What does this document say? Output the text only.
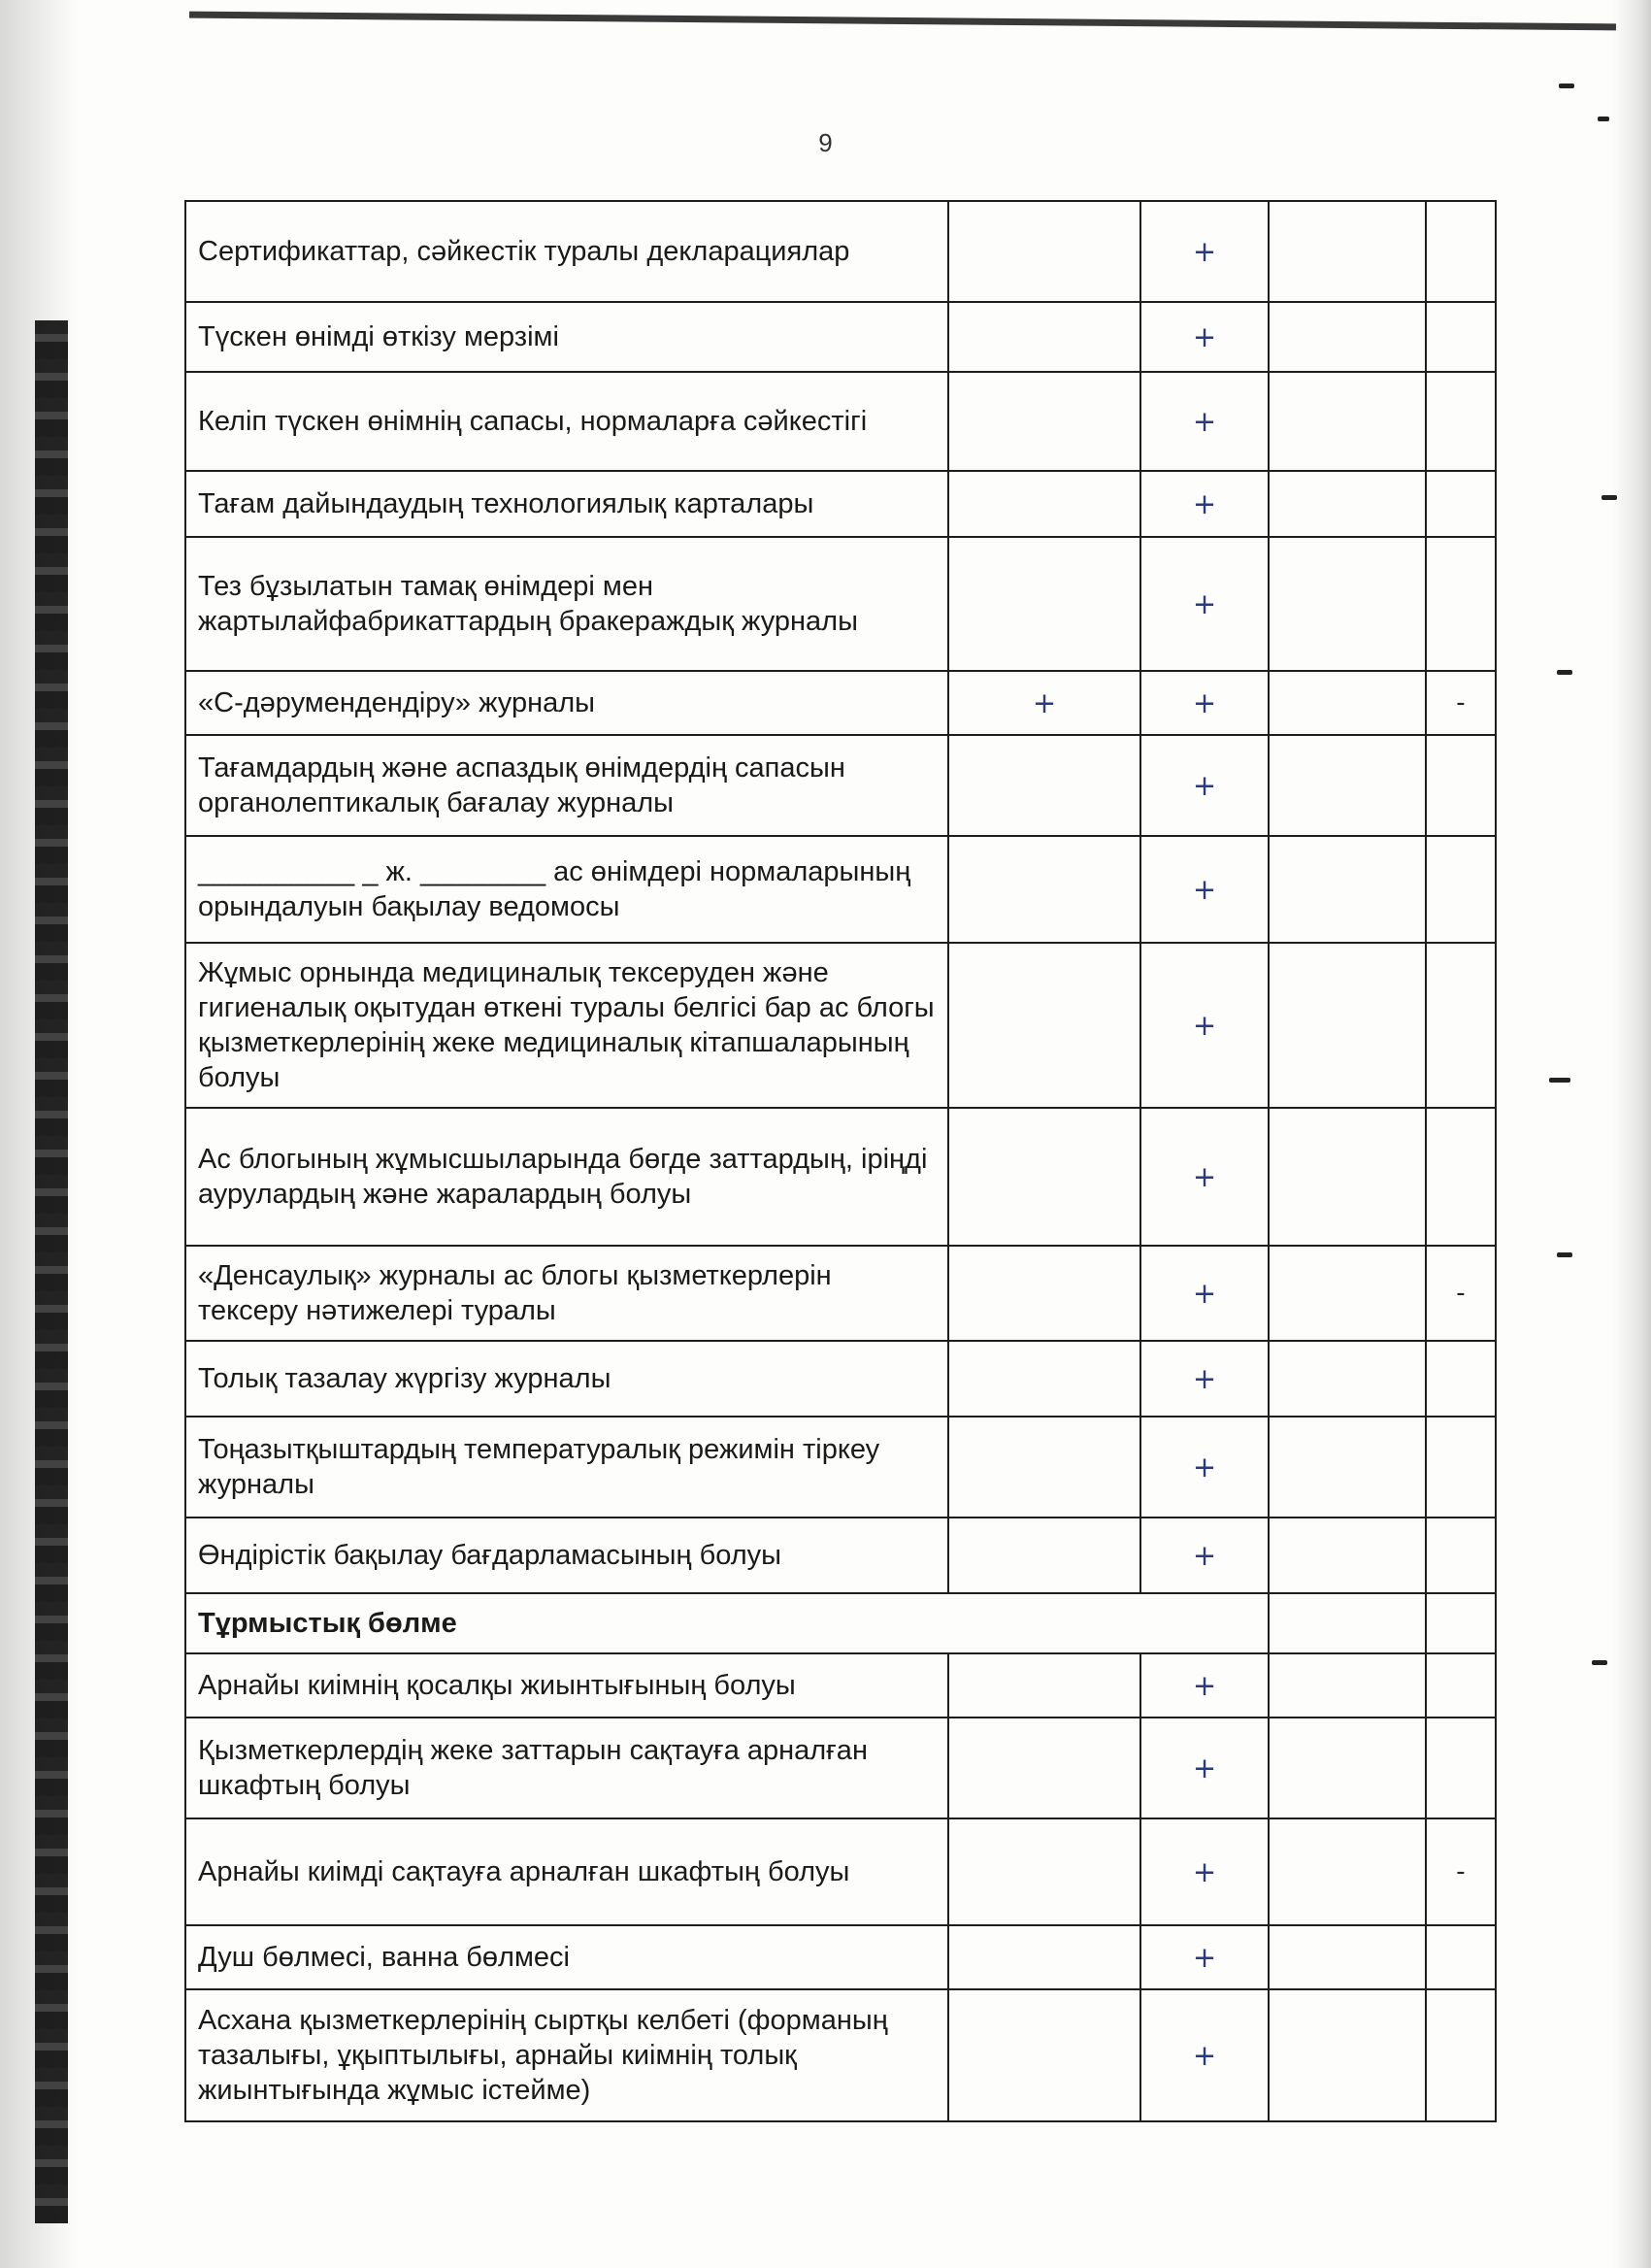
9
Сертификаттар, сәйкестік туралы декларациялар		+		
Түскен өнімді өткізу мерзімі		+		
Келіп түскен өнімнің сапасы, нормаларға сәйкестігі		+		
Тағам дайындаудың технологиялық карталары		+		
Тез бұзылатын тамақ өнімдері мен жартылайфабрикаттардың бракераждық журналы		+		
«С-дәрумендендіру» журналы	+	+		-
Тағамдардың және аспаздық өнімдердің сапасын органолептикалық бағалау журналы		+		
__________ _ ж. ________ ас өнімдері нормаларының орындалуын бақылау ведомосы		+		
Жұмыс орнында медициналық тексеруден және гигиеналық оқытудан өткені туралы белгісі бар ас блогы қызметкерлерінің жеке медициналық кітапшаларының болуы		+		
Ас блогының жұмысшыларында бөгде заттардың, іріңді аурулардың және жаралардың болуы		+		
«Денсаулық» журналы ас блогы қызметкерлерін тексеру нәтижелері туралы		+		-
Толық тазалау жүргізу журналы		+		
Тоңазытқыштардың температуралық режимін тіркеу журналы		+		
Өндірістік бақылау бағдарламасының болуы		+		
Тұрмыстық бөлме				
Арнайы киімнің қосалқы жиынтығының болуы		+		
Қызметкерлердің жеке заттарын сақтауға арналған шкафтың болуы		+		
Арнайы киімді сақтауға арналған шкафтың болуы		+		-
Душ бөлмесі, ванна бөлмесі		+		
Асхана қызметкерлерінің сыртқы келбеті (форманың тазалығы, ұқыптылығы, арнайы киімнің толық жиынтығында жұмыс істейме)		+		
